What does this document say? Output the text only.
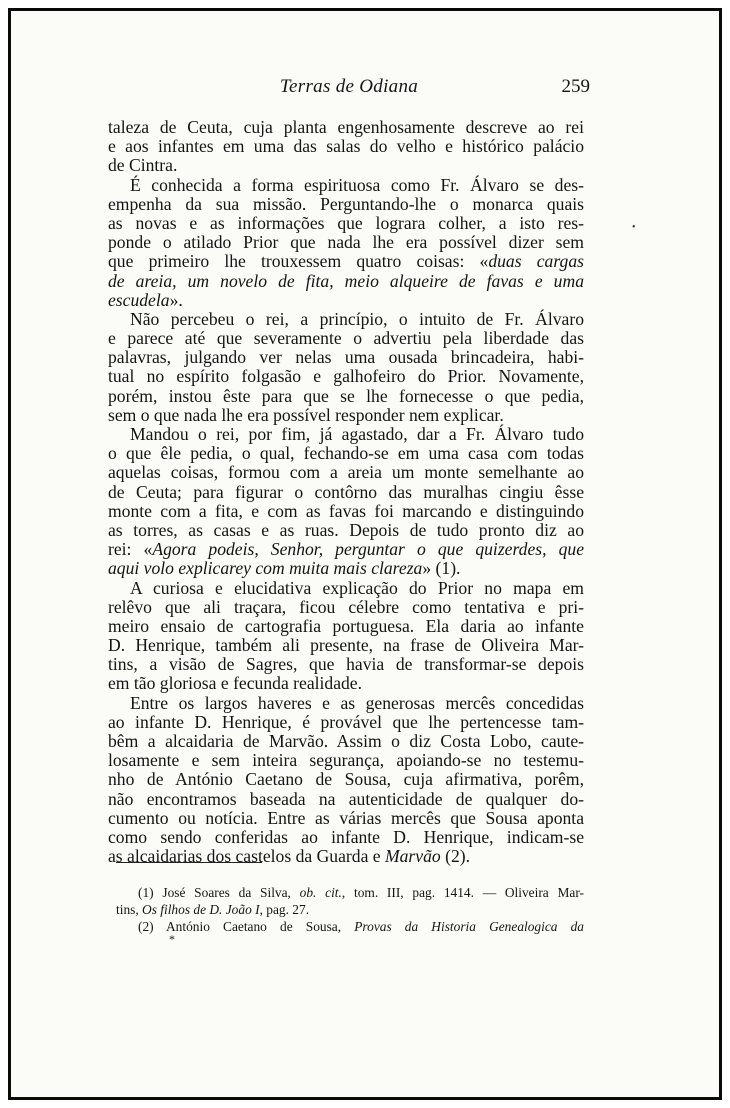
Terras de Odiana	259
•
taleza de Ceuta, cuja planta engenhosamente descreve ao rei
e aos infantes em uma das salas do velho e histórico palácio
de Cintra.
É conhecida a forma espirituosa como Fr. Álvaro se des-
empenha da sua missão. Perguntando-lhe o monarca quais
as novas e as informações que lograra colher, a isto res-
ponde o atilado Prior que nada lhe era possível dizer sem
que primeiro lhe trouxessem quatro coisas: «duas cargas
de areia, um novelo de fita, meio alqueire de favas e uma
escudela».
Não percebeu o rei, a princípio, o intuito de Fr. Álvaro
e parece até que severamente o advertiu pela liberdade das
palavras, julgando ver nelas uma ousada brincadeira, habi-
tual no espírito folgasão e galhofeiro do Prior. Novamente,
porém, instou êste para que se lhe fornecesse o que pedia,
sem o que nada lhe era possível responder nem explicar.
Mandou o rei, por fim, já agastado, dar a Fr. Álvaro tudo
o que êle pedia, o qual, fechando-se em uma casa com todas
aquelas coisas, formou com a areia um monte semelhante ao
de Ceuta; para figurar o contôrno das muralhas cingiu êsse
monte com a fita, e com as favas foi marcando e distinguindo
as torres, as casas e as ruas. Depois de tudo pronto diz ao
rei: «Agora podeis, Senhor, perguntar o que quizerdes, que
aqui volo explicarey com muita mais clareza» (1).
A curiosa e elucidativa explicação do Prior no mapa em
relêvo que ali traçara, ficou célebre como tentativa e pri-
meiro ensaio de cartografia portuguesa. Ela daria ao infante
D. Henrique, também ali presente, na frase de Oliveira Mar-
tins, a visão de Sagres, que havia de transformar-se depois
em tão gloriosa e fecunda realidade.
Entre os largos haveres e as generosas mercês concedidas
ao infante D. Henrique, é provável que lhe pertencesse tam-
bêm a alcaidaria de Marvão. Assim o diz Costa Lobo, caute-
losamente e sem inteira segurança, apoiando-se no testemu-
nho de António Caetano de Sousa, cuja afirmativa, porêm,
não encontramos baseada na autenticidade de qualquer do-
cumento ou notícia. Entre as várias mercês que Sousa aponta
como sendo conferidas ao infante D. Henrique, indicam-se
as alcaidarias dos castelos da Guarda e Marvão (2).
(1) José Soares da Silva, ob. cit., tom. III, pag. 1414. — Oliveira Mar-
tins, Os filhos de D. João I, pag. 27.
(2) António Caetano de Sousa, Provas da Historia Genealogica da
*
